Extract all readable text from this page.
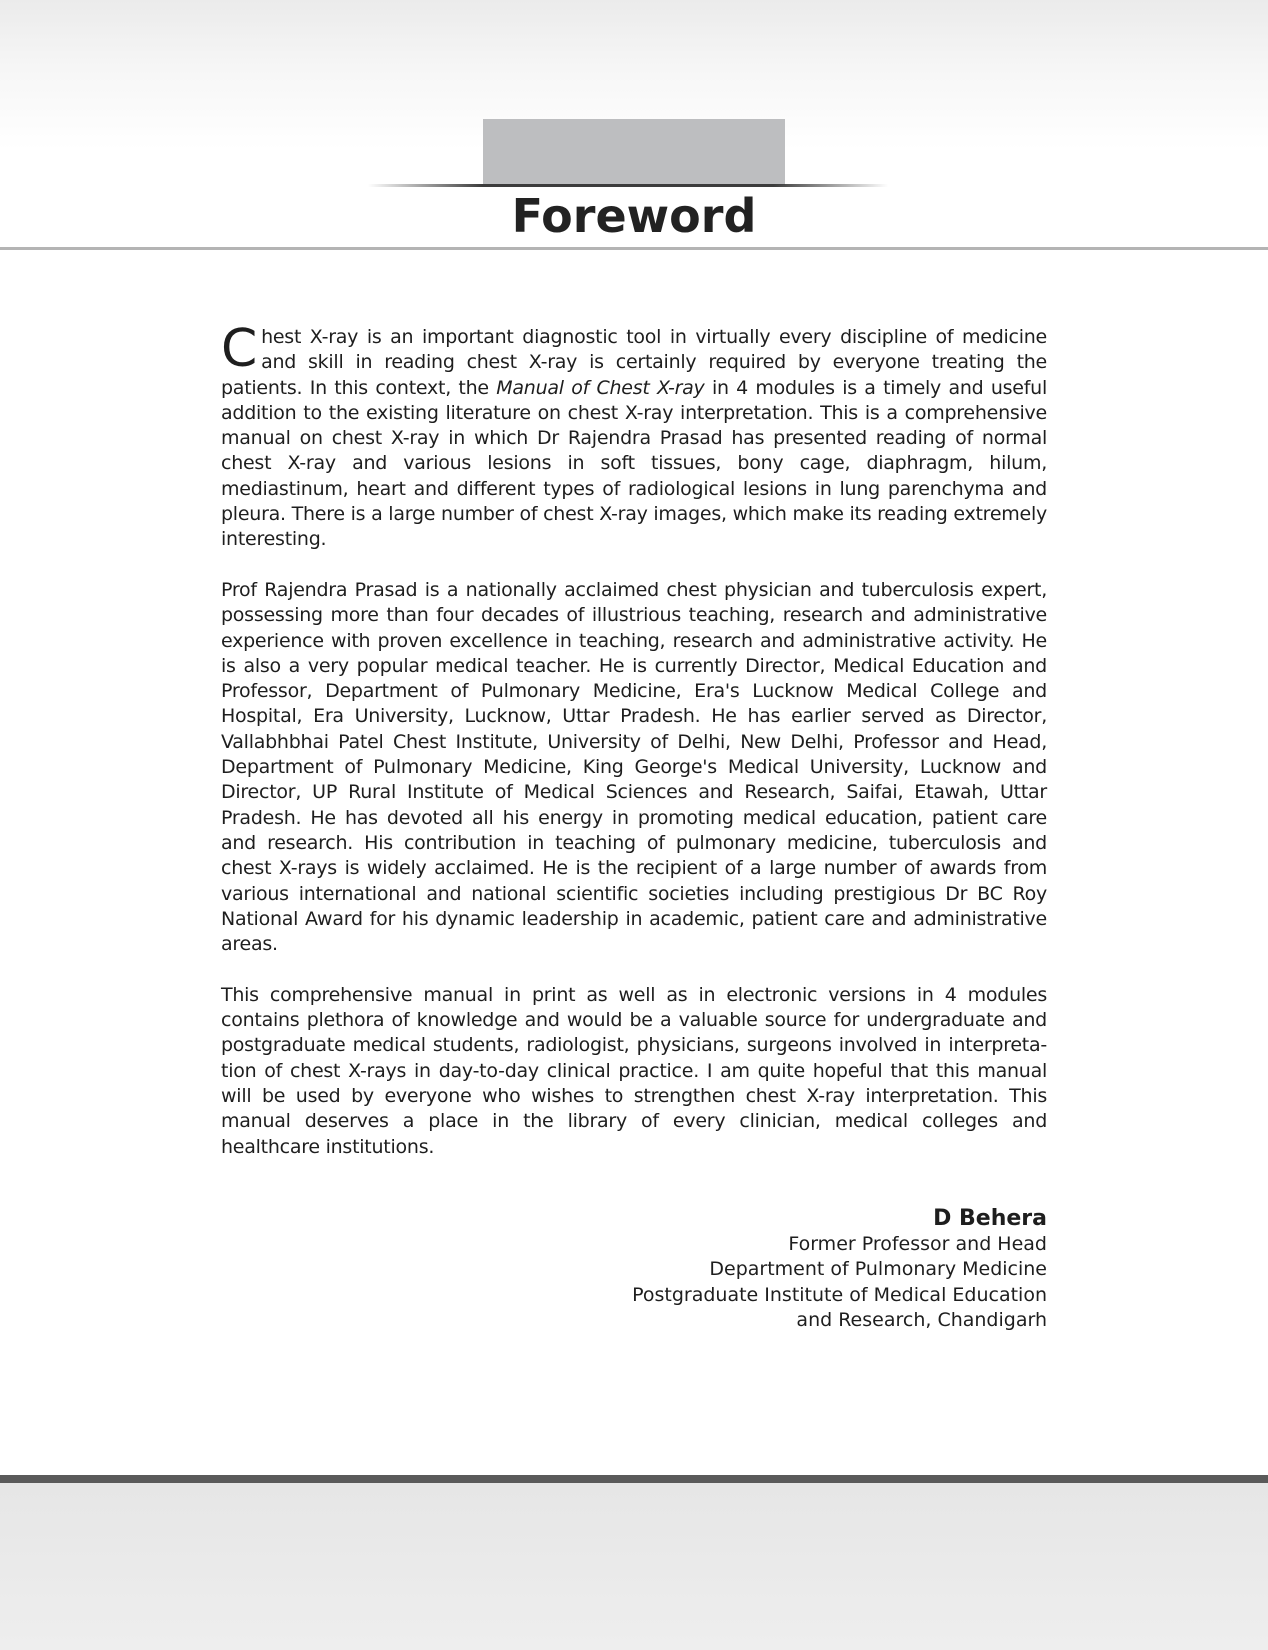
Foreword

Chest X-ray is an important diagnostic tool in virtually every discipline of medicine and skill in reading chest X-ray is certainly required by everyone treating the patients. In this context, the Manual of Chest X-ray in 4 modules is a timely and useful addition to the existing literature on chest X-ray interpretation. This is a comprehensive manual on chest X-ray in which Dr Rajendra Prasad has presented reading of normal chest X-ray and various lesions in soft tissues, bony cage, diaphragm, hilum, mediastinum, heart and different types of radiological lesions in lung parenchyma and pleura. There is a large number of chest X-ray images, which make its reading extremely interesting.

Prof Rajendra Prasad is a nationally acclaimed chest physician and tuberculosis expert, possessing more than four decades of illustrious teaching, research and administrative experience with proven excellence in teaching, research and administrative activity. He is also a very popular medical teacher. He is currently Director, Medical Education and Professor, Department of Pulmonary Medicine, Era's Lucknow Medical College and Hospital, Era University, Lucknow, Uttar Pradesh. He has earlier served as Director, Vallabhbhai Patel Chest Institute, University of Delhi, New Delhi, Professor and Head, Department of Pulmonary Medicine, King George's Medical University, Lucknow and Director, UP Rural Institute of Medical Sciences and Research, Saifai, Etawah, Uttar Pradesh. He has devoted all his energy in promoting medical education, patient care and research. His contribution in teaching of pulmonary medicine, tuberculosis and chest X-rays is widely acclaimed. He is the recipient of a large number of awards from various international and national scientific societies including prestigious Dr BC Roy National Award for his dynamic leadership in academic, patient care and administrative areas.

This comprehensive manual in print as well as in electronic versions in 4 modules contains plethora of knowledge and would be a valuable source for undergraduate and postgraduate medical students, radiologist, physicians, surgeons involved in interpreta-tion of chest X-rays in day-to-day clinical practice. I am quite hopeful that this manual will be used by everyone who wishes to strengthen chest X-ray interpretation. This manual deserves a place in the library of every clinician, medical colleges and healthcare institutions.

D Behera
Former Professor and Head
Department of Pulmonary Medicine
Postgraduate Institute of Medical Education
and Research, Chandigarh
